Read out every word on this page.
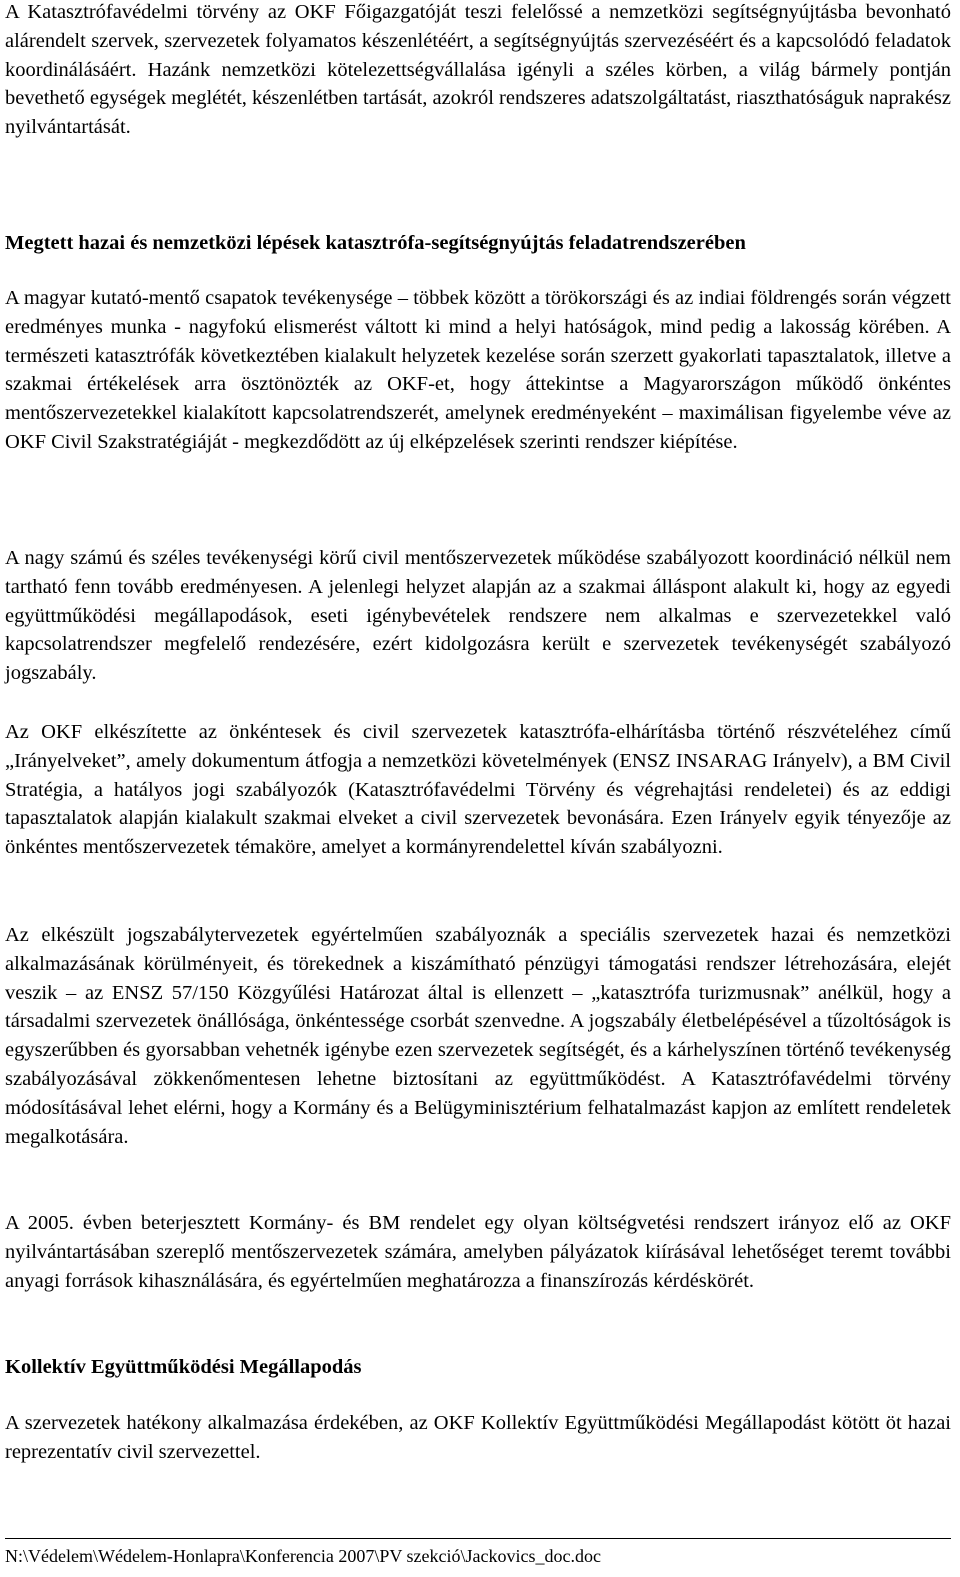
A Katasztrófavédelmi törvény az OKF Főigazgatóját teszi felelőssé a nemzetközi segítségnyújtásba bevonható alárendelt szervek, szervezetek folyamatos készenlétéért, a segítségnyújtás szervezéséért és a kapcsolódó feladatok koordinálásáért. Hazánk nemzetközi kötelezettségvállalása igényli a széles körben, a világ bármely pontján bevethető egységek meglétét, készenlétben tartását, azokról rendszeres adatszolgáltatást, riaszthatóságuk naprakész nyilvántartását.

Megtett hazai és nemzetközi lépések katasztrófa-segítségnyújtás feladatrendszerében

A magyar kutató-mentő csapatok tevékenysége – többek között a törökországi és az indiai földrengés során végzett eredményes munka - nagyfokú elismerést váltott ki mind a helyi hatóságok, mind pedig a lakosság körében. A természeti katasztrófák következtében kialakult helyzetek kezelése során szerzett gyakorlati tapasztalatok, illetve a szakmai értékelések arra ösztönözték az OKF-et, hogy áttekintse a Magyarországon működő önkéntes mentőszervezetekkel kialakított kapcsolatrendszerét, amelynek eredményeként – maximálisan figyelembe véve az OKF Civil Szakstratégiáját - megkezdődött az új elképzelések szerinti rendszer kiépítése.

A nagy számú és széles tevékenységi körű civil mentőszervezetek működése szabályozott koordináció nélkül nem tartható fenn tovább eredményesen. A jelenlegi helyzet alapján az a szakmai álláspont alakult ki, hogy az egyedi együttműködési megállapodások, eseti igénybevételek rendszere nem alkalmas e szervezetekkel való kapcsolatrendszer megfelelő rendezésére, ezért kidolgozásra került e szervezetek tevékenységét szabályozó jogszabály.

Az OKF elkészítette az önkéntesek és civil szervezetek katasztrófa-elhárításba történő részvételéhez című „Irányelveket”, amely dokumentum átfogja a nemzetközi követelmények (ENSZ INSARAG Irányelv), a BM Civil Stratégia, a hatályos jogi szabályozók (Katasztrófavédelmi Törvény és végrehajtási rendeletei) és az eddigi tapasztalatok alapján kialakult szakmai elveket a civil szervezetek bevonására. Ezen Irányelv egyik tényezője az önkéntes mentőszervezetek témaköre, amelyet a kormányrendelettel kíván szabályozni.

Az elkészült jogszabálytervezetek egyértelműen szabályoznák a speciális szervezetek hazai és nemzetközi alkalmazásának körülményeit, és törekednek a kiszámítható pénzügyi támogatási rendszer létrehozására, elejét veszik – az ENSZ 57/150 Közgyűlési Határozat által is ellenzett – „katasztrófa turizmusnak” anélkül, hogy a társadalmi szervezetek önállósága, önkéntessége csorbát szenvedne. A jogszabály életbelépésével a tűzoltóságok is egyszerűbben és gyorsabban vehetnék igénybe ezen szervezetek segítségét, és a kárhelyszínen történő tevékenység szabályozásával zökkenőmentesen lehetne biztosítani az együttműködést. A Katasztrófavédelmi törvény módosításával lehet elérni, hogy a Kormány és a Belügyminisztérium felhatalmazást kapjon az említett rendeletek megalkotására.

A 2005. évben beterjesztett Kormány- és BM rendelet egy olyan költségvetési rendszert irányoz elő az OKF nyilvántartásában szereplő mentőszervezetek számára, amelyben pályázatok kiírásával lehetőséget teremt további anyagi források kihasználására, és egyértelműen meghatározza a finanszírozás kérdéskörét.

Kollektív Együttműködési Megállapodás

A szervezetek hatékony alkalmazása érdekében, az OKF Kollektív Együttműködési Megállapodást kötött öt hazai reprezentatív civil szervezettel.

N:\Védelem\Wédelem-Honlapra\Konferencia 2007\PV szekció\Jackovics_doc.doc
